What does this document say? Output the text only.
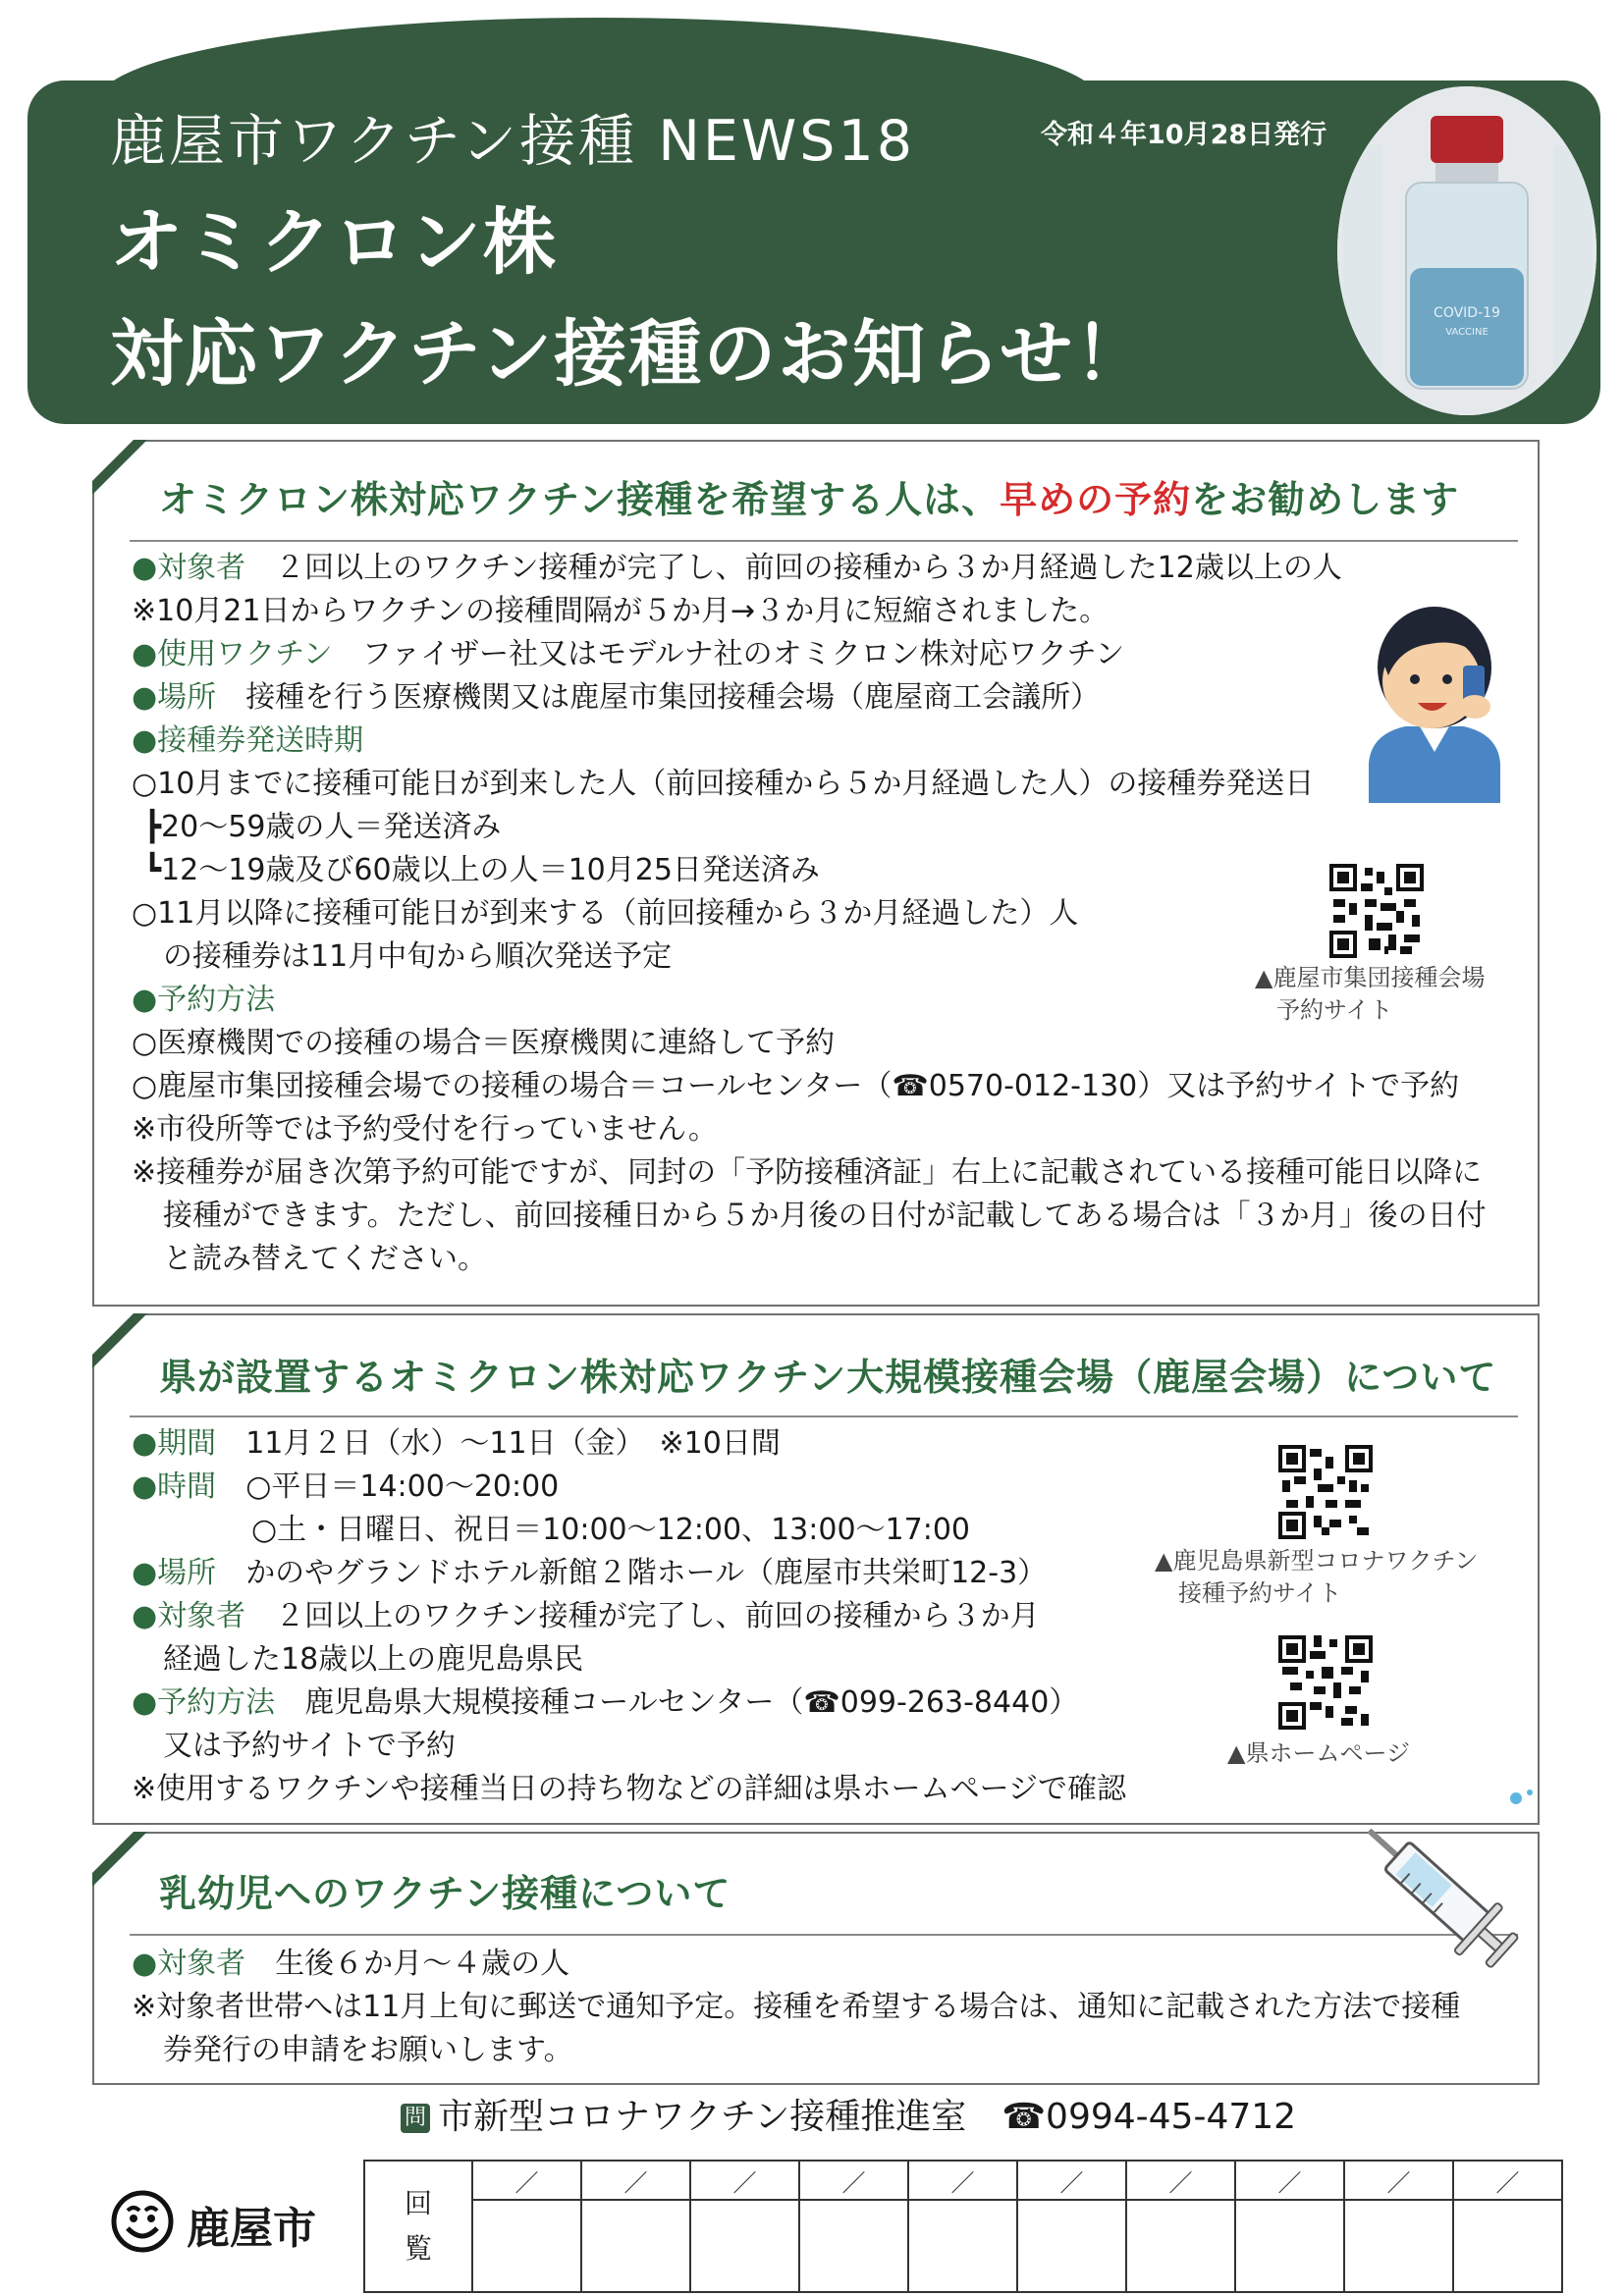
鹿屋市ワクチン接種 NEWS18	令和４年10月28日発行
オミクロン株
対応ワクチン接種のお知らせ！	COVID-19
VACCINE
オミクロン株対応ワクチン接種を希望する人は、早めの予約をお勧めします
●対象者　 ２回以上のワクチン接種が完了し、前回の接種から３か月経過した12歳以上の人
※10月21日からワクチンの接種間隔が５か月→３か月に短縮されました。
●使用ワクチン　 ファイザー社又はモデルナ社のオミクロン株対応ワクチン
●場所　 接種を行う医療機関又は鹿屋市集団接種会場（鹿屋商工会議所）
●接種券発送時期
○10月までに接種可能日が到来した人（前回接種から５か月経過した人）の接種券発送日
┣20～59歳の人＝発送済み
┗12～19歳及び60歳以上の人＝10月25日発送済み
○11月以降に接種可能日が到来する（前回接種から３か月経過した）人
の接種券は11月中旬から順次発送予定
●予約方法
○医療機関での接種の場合＝医療機関に連絡して予約
○鹿屋市集団接種会場での接種の場合＝コールセンター（☎0570-012-130）又は予約サイトで予約
※市役所等では予約受付を行っていません。
※接種券が届き次第予約可能ですが、同封の「予防接種済証」右上に記載されている接種可能日以降に
接種ができます。ただし、前回接種日から５か月後の日付が記載してある場合は「３か月」後の日付
と読み替えてください。
▲鹿屋市集団接種会場
予約サイト
県が設置するオミクロン株対応ワクチン大規模接種会場（鹿屋会場）について
●期間　 11月２日（水）～11日（金）　※10日間
●時間　 ○平日＝14:00～20:00
○土・日曜日、祝日＝10:00～12:00、13:00～17:00
●場所　 かのやグランドホテル新館２階ホール（鹿屋市共栄町12-3）
●対象者　 ２回以上のワクチン接種が完了し、前回の接種から３か月
経過した18歳以上の鹿児島県民
●予約方法　 鹿児島県大規模接種コールセンター（☎099-263-8440）
又は予約サイトで予約
※使用するワクチンや接種当日の持ち物などの詳細は県ホームページで確認
▲鹿児島県新型コロナワクチン
接種予約サイト
▲県ホームページ
乳幼児へのワクチン接種について
●対象者　 生後６か月～４歳の人
※対象者世帯へは11月上旬に郵送で通知予定。接種を希望する場合は、通知に記載された方法で接種
券発行の申請をお願いします。
問 市新型コロナワクチン接種推進室　☎0994-45-4712
鹿屋市
回覧	／	／	／	／	／	／	／	／	／	／
